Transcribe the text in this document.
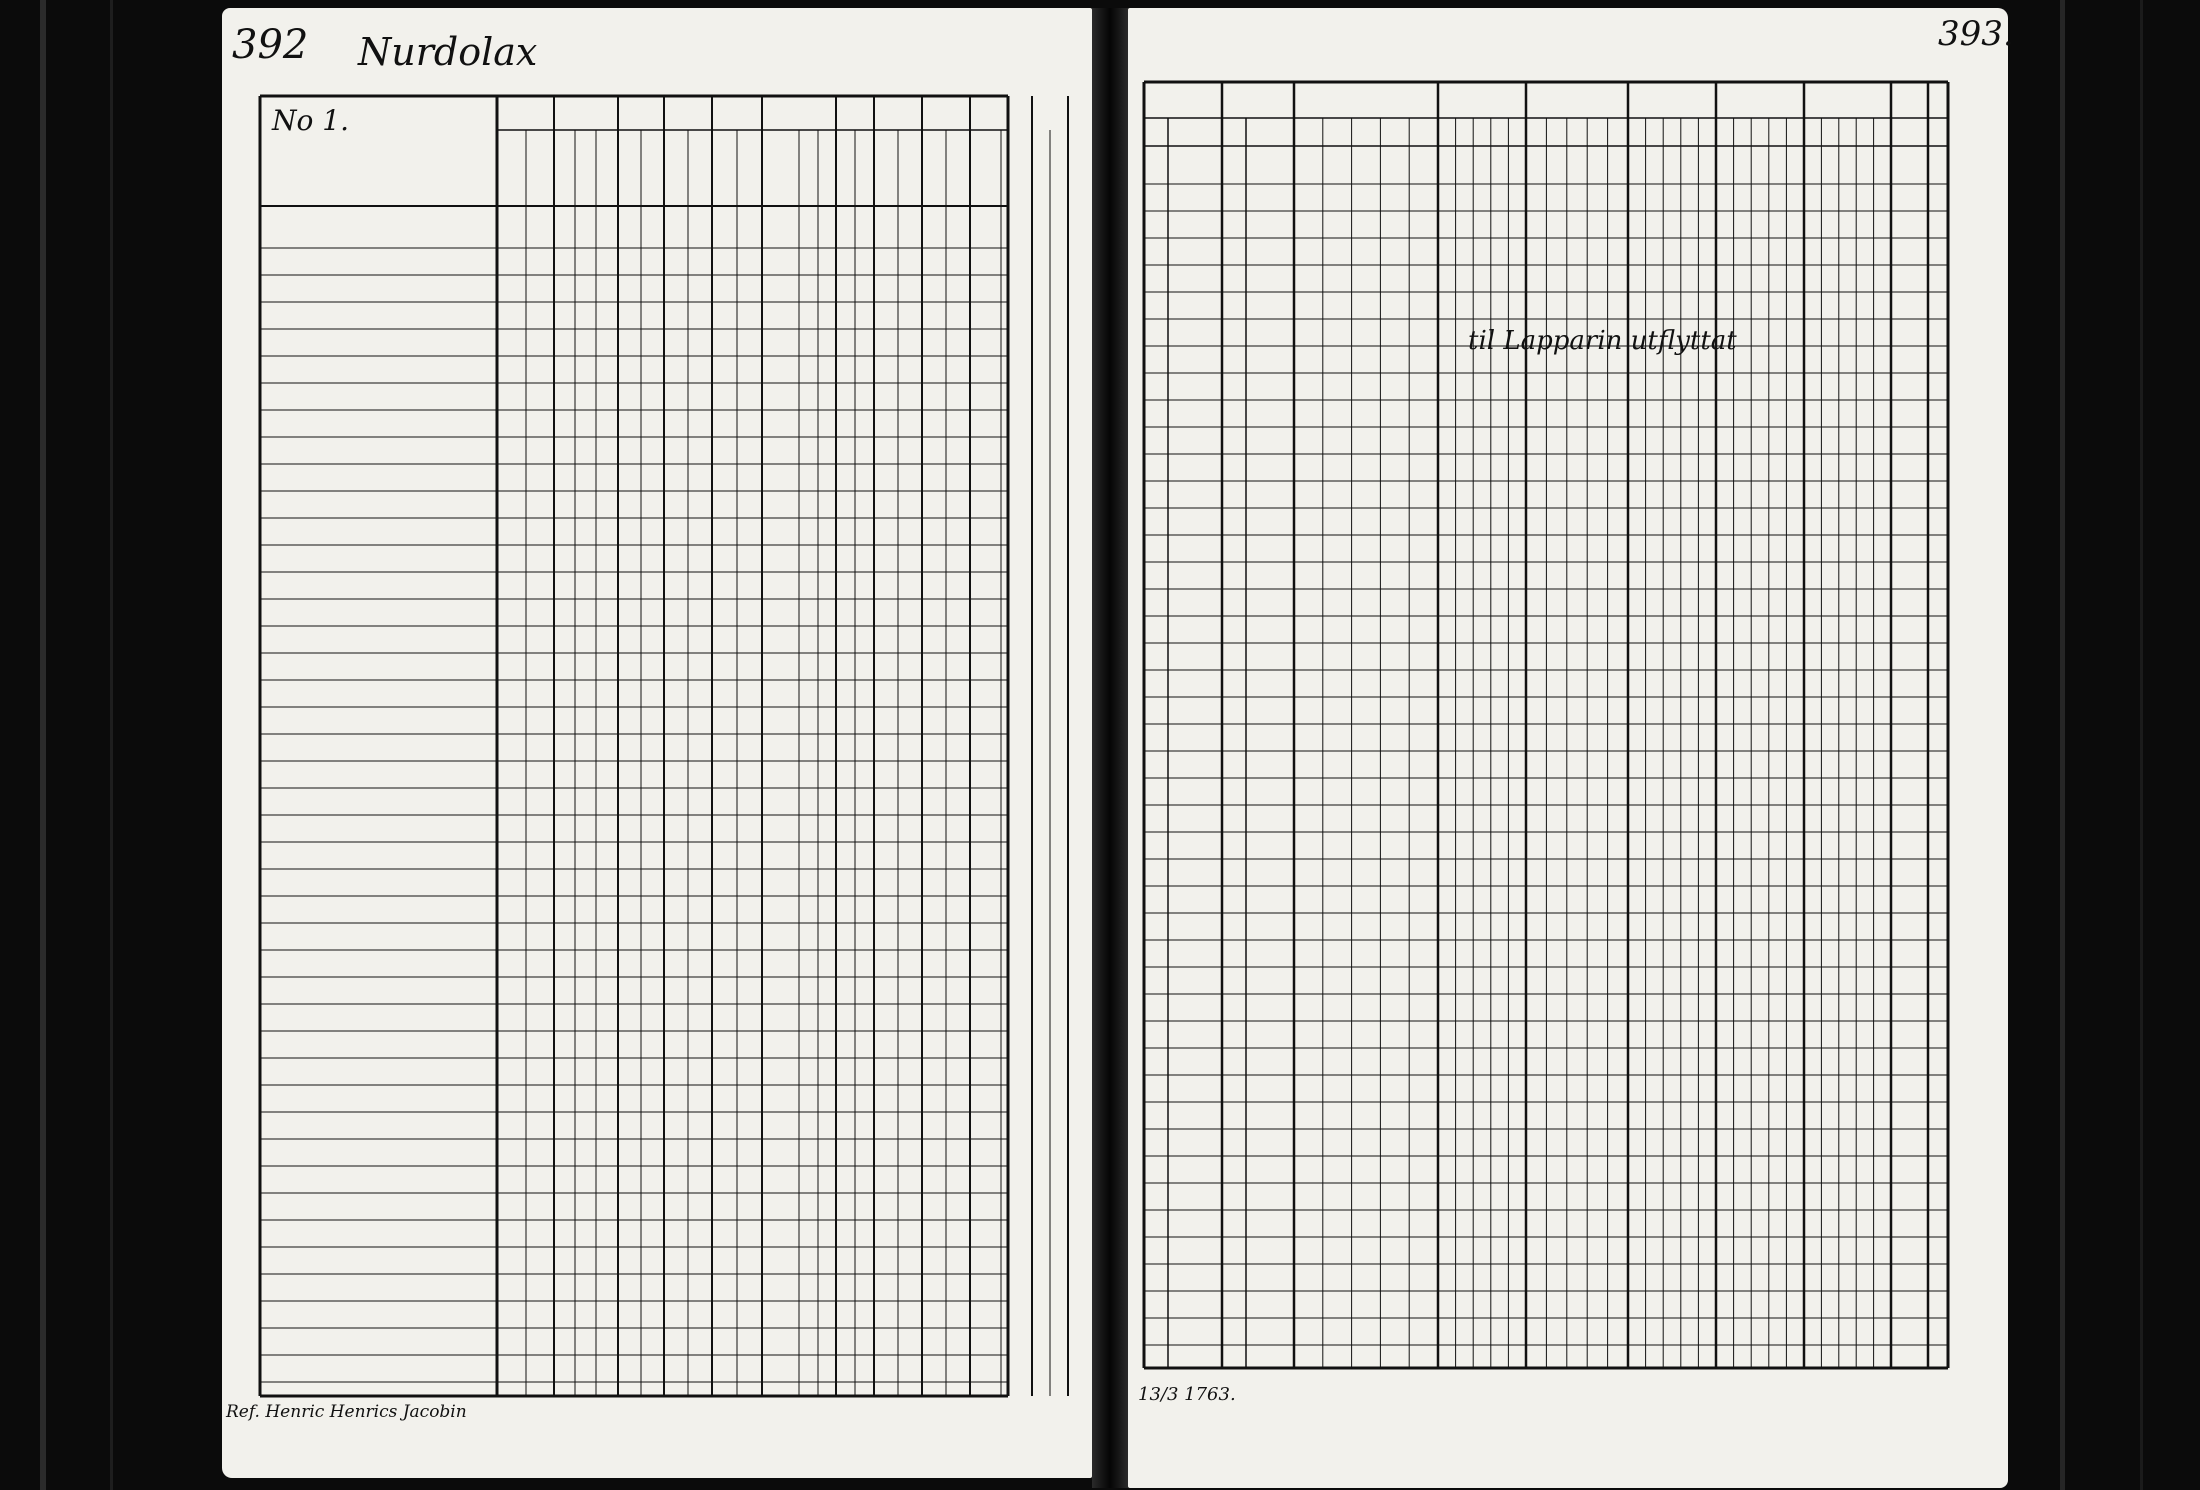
392 Nurdolax
No 1.
Ref. Henric Henrics Jacobin
393.
til Lapparin utflyttat
13/3 1763.
